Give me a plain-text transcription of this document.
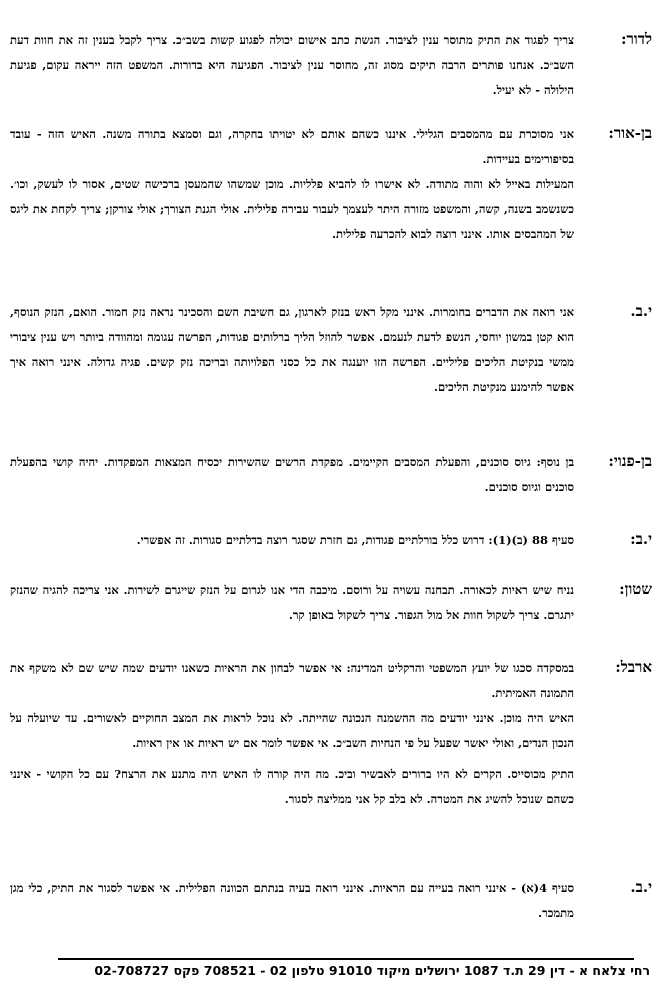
לדור:

צריך לפגוד את התיק מתוסר ענין לציבור. הגשת כתב אישום יכולה לפגוע קשות בשב״כ. צריך לקבל בענין זה את חוות דעת השב״כ. אנחנו פותרים הרבה תיקים מסוג זה, מחוסר ענין לציבור. הפגיעה היא בדורות. המשפט הזה ייראה עקום, פגיעת הילולה - לא יעיל.

בן-אור:

אני מסוכרת עם מהמסבים הגלילי. איננו כשהם אותם לא יטויתו בחקרה, וגם וסמצא בתורה משנה. האיש הזה - עובד בסיפורימים בעיידות.

המעילות באייל לא והוה מתודה. לא אישרו לו להביא פלליות. מוכן שמשהו שהמעסן ברכישה שטים, אסור לו לעשק, וכו׳. כשנשמב בשנה, קשה, והמשפט מזורה היתר לעצמך לעבור עבירה פלילית. אולי הגנת הצורך; אולי צורקן; צריך לקחת את ליגס של המהבסים אותו. אינני רוצה לבוא להכרעה פלילית.

י.ב.

אני רואה את הדברים בחומרות. אינני מקל ראש בנזק לארגון, גם חשיבת השם והסכינר נראה נזק חמור. הואם, הנזק הנוסף, הוא קטן במשון יוחסי, הנשפ לדעת לנעמם. אפשר להוזל הליך ברלותים פגודות, הפרשה עגומה ומהוודה ביותר ויש ענין ציבורי ממשי בנקיטת הליכים פליליים. הפרשה הזו יוענגה את כל כסני הפלויותה ובריכה נזק קשים. פגיה גדולה. אינני רואה איך אפשר להימנע מנקיטת הליכים.

בן-פנוי:

בן נוסף: גיוס סוכנים, והפעלת המסבים הקיימים. מפקדת הרשים שהשירות יכסיח המצאות המפקדות. יהיה קושי בהפעלת סוכנים וגיוס סוכנים.

י.ב:

סעיף 88 (ב)(1): דרוש כלל בורלתיים פגודות, גם חזרת שסגר רוצה בדלתיים סגורות. זה אפשרי.

שטון:

נניח שיש ראיות לכאורה. תבחנה עשויה על ורוסם. מיכבה הדי אנו לגרום על הנזק שייגרם לשירות. אני צריכה להגיה שהנזק יתגרם. צריך לשקול חוות אל מול הגפור. צריך לשקול באופן קר.

ארבל:

במסקדה סכגו של יועץ המשפטי והרקליט המדינה: אי אפשר לבחון את הראיות כשאנו יודעים שמה שיש שם לא משקף את התמונה האמיתית.

האיש היה מוכן. אינני יודעים מה ההשמנה הנכונה שהייתה. לא נוכל לראות את המצב החוקיים לאשורים. עד שיועלה על הנכון הנדים, ואולי יאשר שפעל על פי הנחיות השב״כ. אי אפשר לומר אם יש ראיות או אין ראיות.

התיק מכוסייס. הקרים לא היו ברורים לאבשיר וביכ. מה היה קורה לו האיש היה מתנע את הרצח? עם כל הקושי - אינני כשהם שנוכל להשיג את המטרה. לא בלב קל אני ממליצה לסגור.

י.ב.

סעיף 4(א) - אינני רואה בעייה עם הראיות. אינני רואה בעיה בנתתם הכוונה הפלילית. אי אפשר לסגור את התיק, כלי מגן מתמכר.

רחי צלאח א - דין 29 ת.ד 1087 ירושלים מיקוד 91010 טלפון 02 - 708521 פקס 02-708727
